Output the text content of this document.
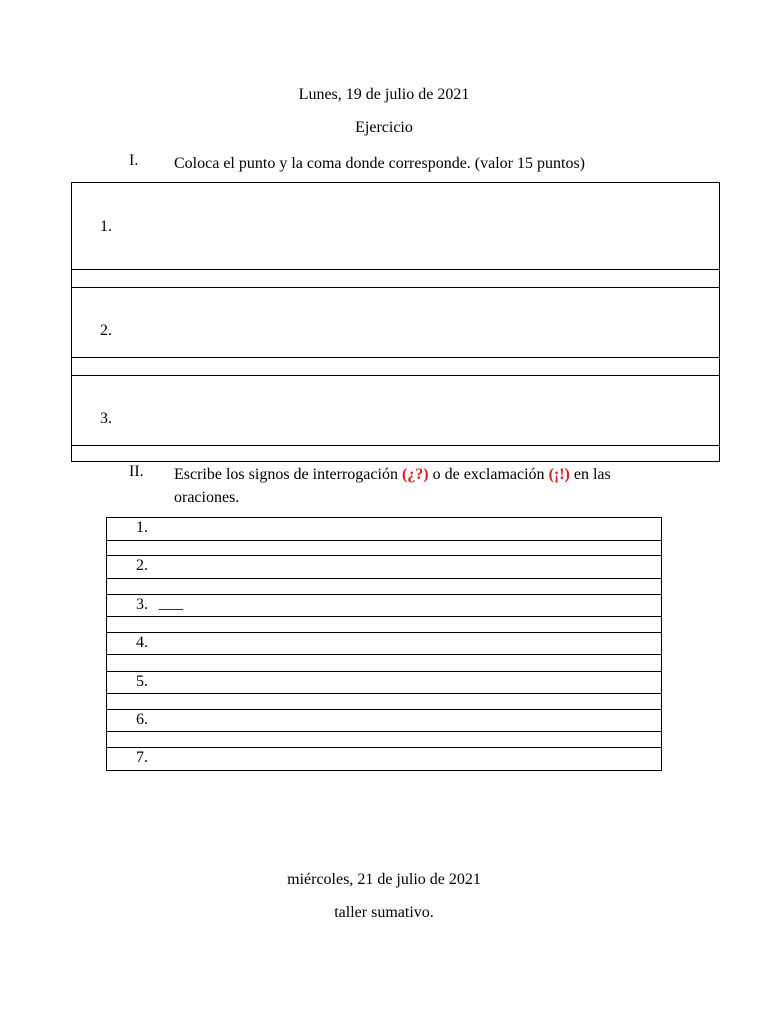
Lunes, 19 de julio de 2021
Ejercicio
I. Coloca el punto y la coma donde corresponde. (valor 15 puntos)
1.
2.
3.
II. Escribe los signos de interrogación (¿?) o de exclamación (¡!) en las
oraciones.
1.
2.
3. ___
4.
5.
6.
7.
miércoles, 21 de julio de 2021
taller sumativo.
